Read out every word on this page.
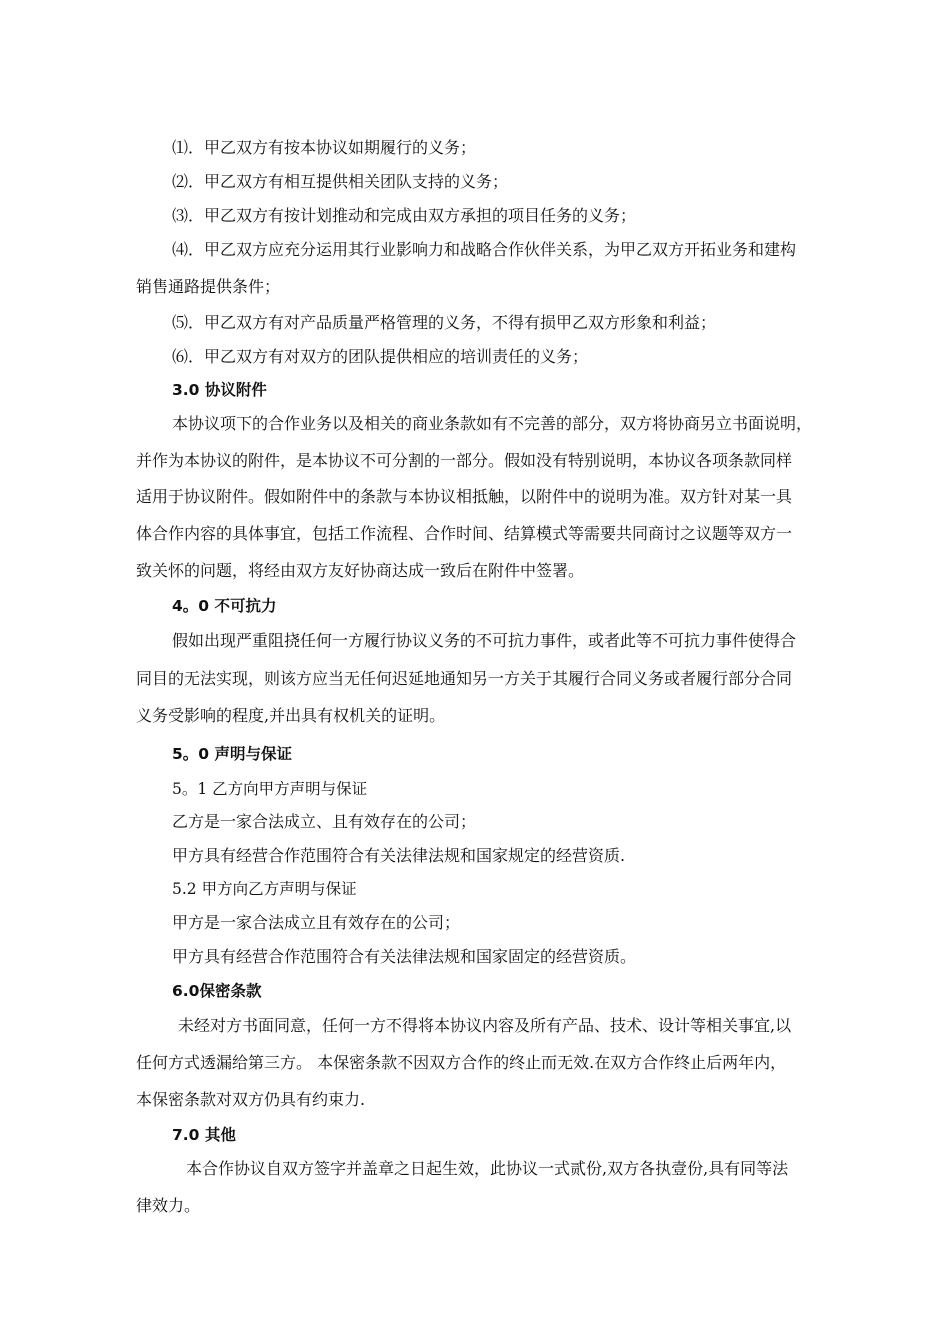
⑴．甲乙双方有按本协议如期履行的义务；
⑵．甲乙双方有相互提供相关团队支持的义务；
⑶．甲乙双方有按计划推动和完成由双方承担的项目任务的义务；
⑷．甲乙双方应充分运用其行业影响力和战略合作伙伴关系，为甲乙双方开拓业务和建构
销售通路提供条件；
⑸．甲乙双方有对产品质量严格管理的义务，不得有损甲乙双方形象和利益；
⑹．甲乙双方有对双方的团队提供相应的培训责任的义务；
3.0 协议附件
本协议项下的合作业务以及相关的商业条款如有不完善的部分，双方将协商另立书面说明，
并作为本协议的附件，是本协议不可分割的一部分。假如没有特别说明，本协议各项条款同样
适用于协议附件。假如附件中的条款与本协议相抵触，以附件中的说明为准。双方针对某一具
体合作内容的具体事宜，包括工作流程、合作时间、结算模式等需要共同商讨之议题等双方一
致关怀的问题，将经由双方友好协商达成一致后在附件中签署。
4。0 不可抗力
假如出现严重阻挠任何一方履行协议义务的不可抗力事件，或者此等不可抗力事件使得合
同目的无法实现，则该方应当无任何迟延地通知另一方关于其履行合同义务或者履行部分合同
义务受影响的程度,并出具有权机关的证明。
5。0 声明与保证
5。1 乙方向甲方声明与保证
乙方是一家合法成立、且有效存在的公司；
甲方具有经营合作范围符合有关法律法规和国家规定的经营资质.
5.2 甲方向乙方声明与保证
甲方是一家合法成立且有效存在的公司；
甲方具有经营合作范围符合有关法律法规和国家固定的经营资质。
6.0保密条款
未经对方书面同意，任何一方不得将本协议内容及所有产品、技术、设计等相关事宜,以
任何方式透漏给第三方。 本保密条款不因双方合作的终止而无效.在双方合作终止后两年内，
本保密条款对双方仍具有约束力.
7.0 其他
本合作协议自双方签字并盖章之日起生效，此协议一式贰份,双方各执壹份,具有同等法
律效力。
